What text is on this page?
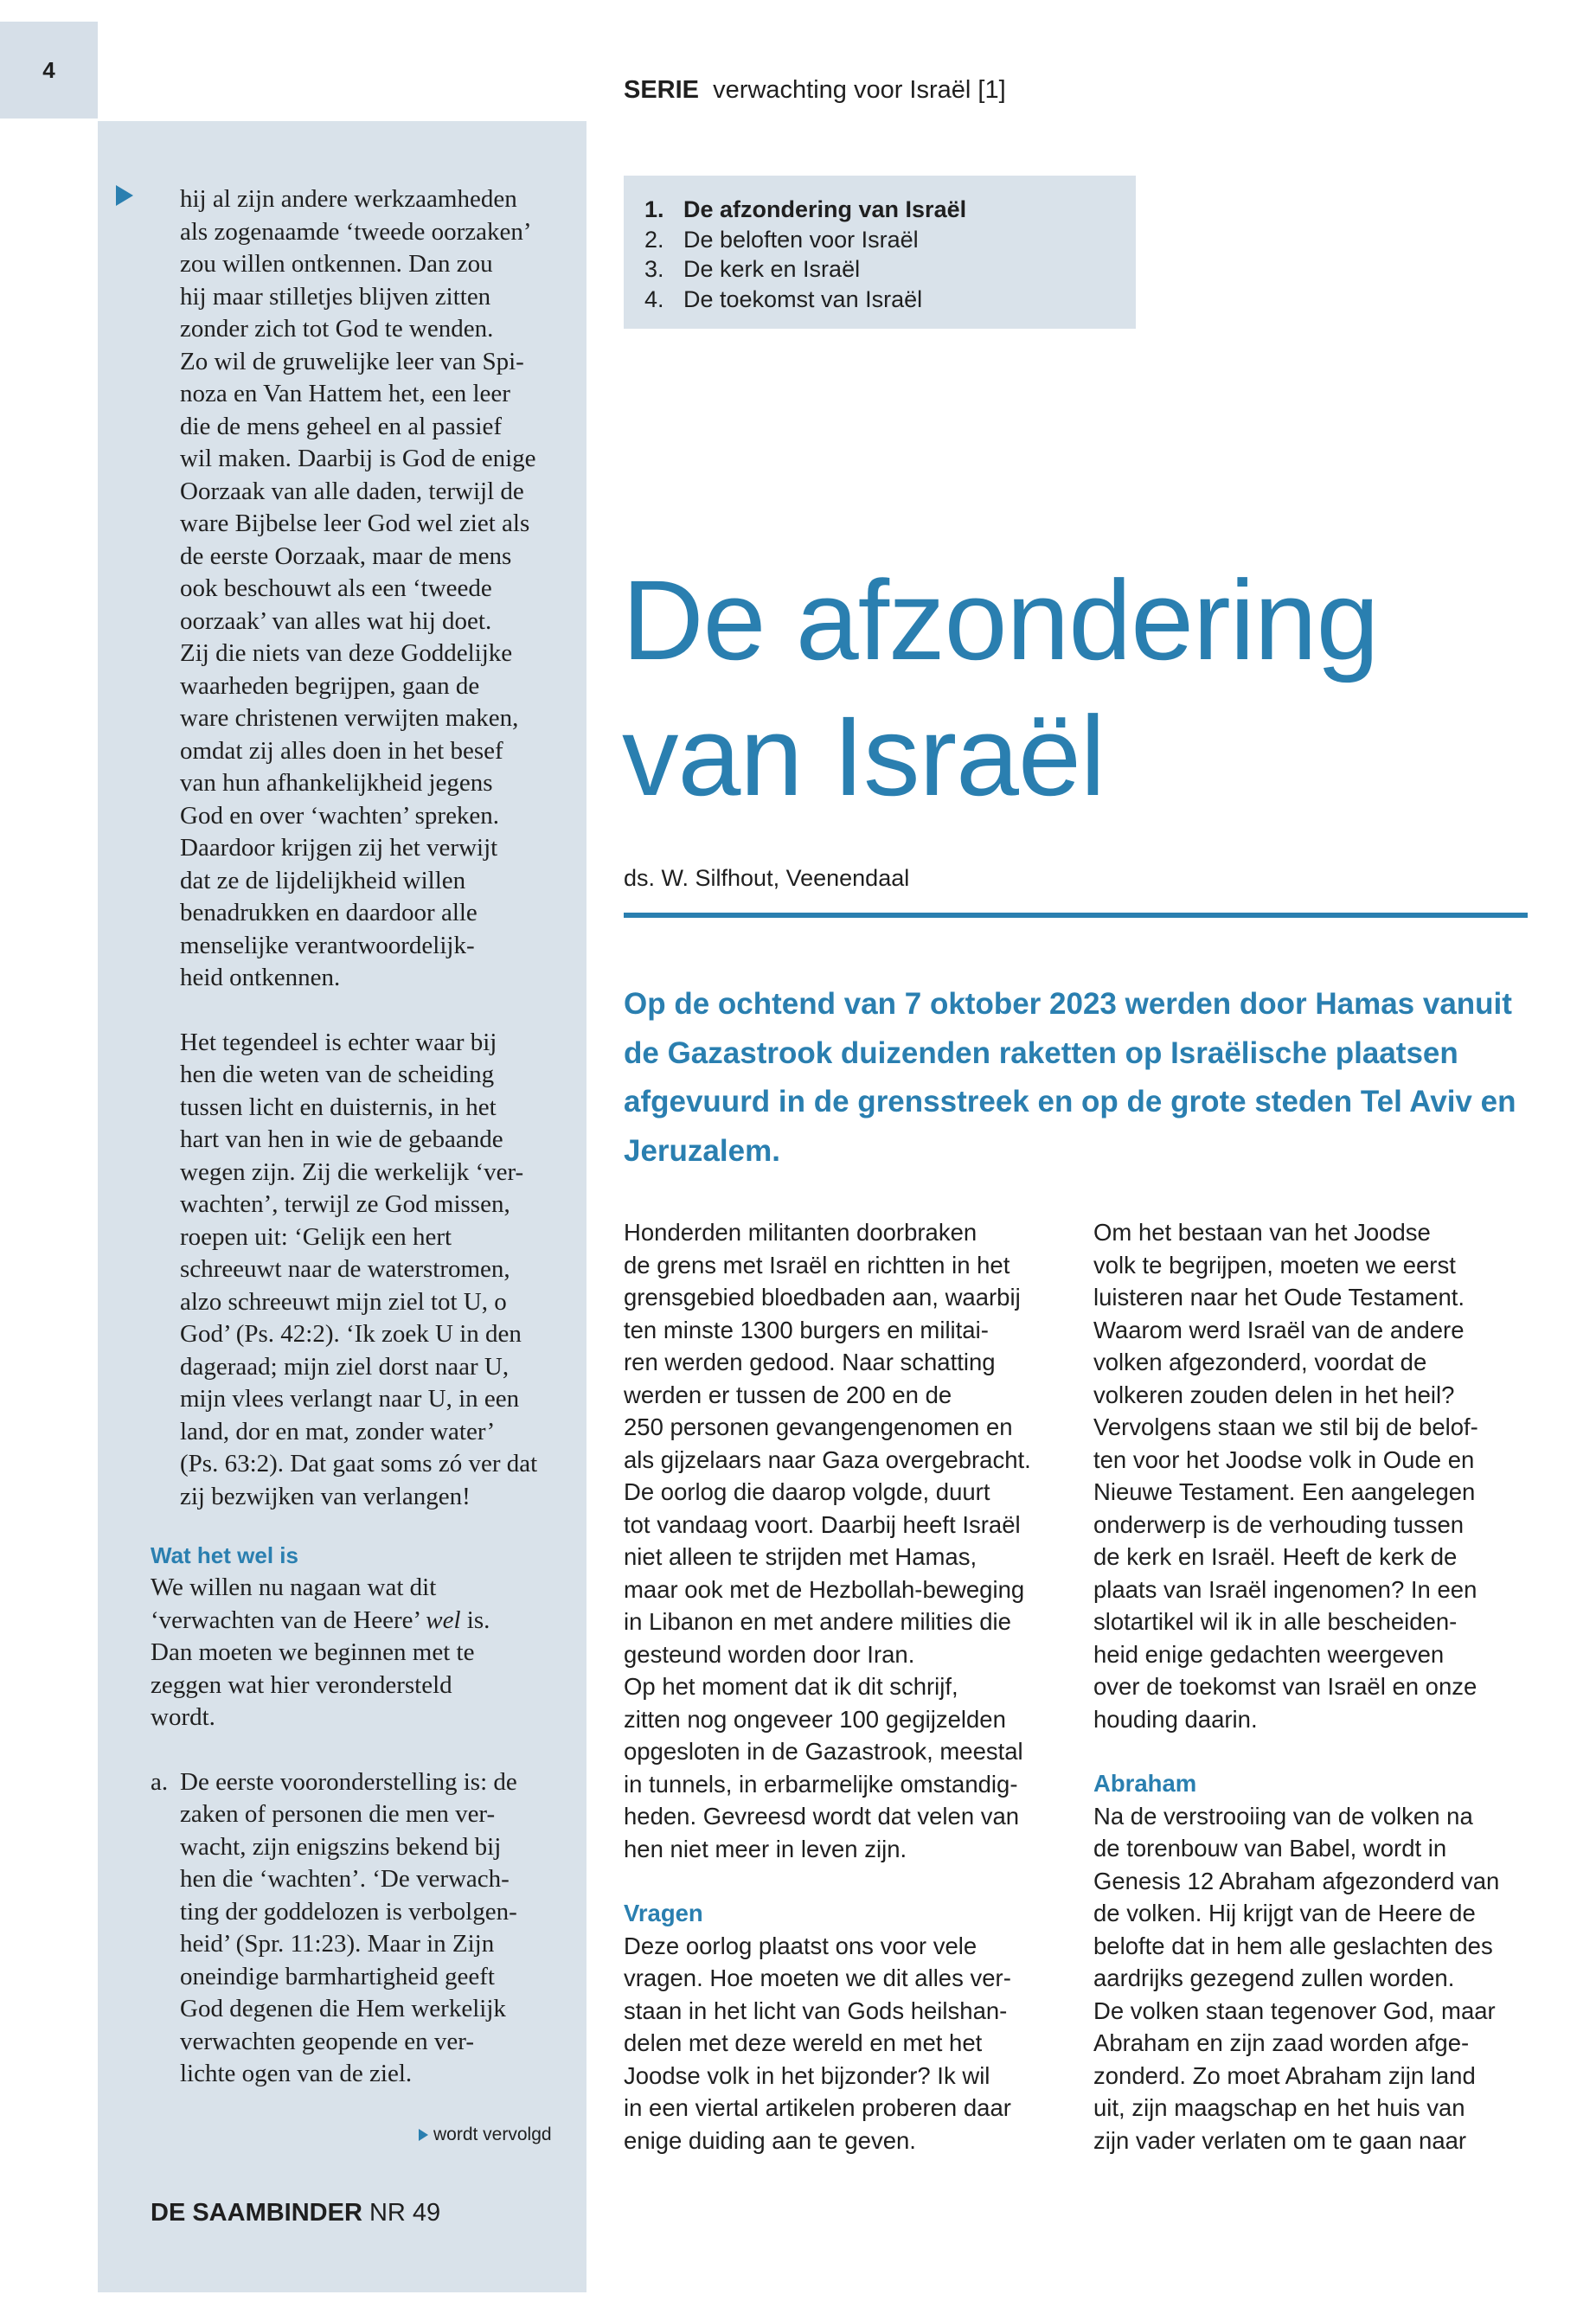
4

hij al zijn andere werkzaamheden
als zogenaamde ‘tweede oorzaken’
zou willen ontkennen. Dan zou
hij maar stilletjes blijven zitten
zonder zich tot God te wenden.
Zo wil de gruwelijke leer van Spi-
noza en Van Hattem het, een leer
die de mens geheel en al passief
wil maken. Daarbij is God de enige
Oorzaak van alle daden, terwijl de
ware Bijbelse leer God wel ziet als
de eerste Oorzaak, maar de mens
ook beschouwt als een ‘tweede
oorzaak’ van alles wat hij doet.
Zij die niets van deze Goddelijke
waarheden begrijpen, gaan de
ware christenen verwijten maken,
omdat zij alles doen in het besef
van hun afhankelijkheid jegens
God en over ‘wachten’ spreken.
Daardoor krijgen zij het verwijt
dat ze de lijdelijkheid willen
benadrukken en daardoor alle
menselijke verantwoordelijk-
heid ontkennen.

Het tegendeel is echter waar bij
hen die weten van de scheiding
tussen licht en duisternis, in het
hart van hen in wie de gebaande
wegen zijn. Zij die werkelijk ‘ver-
wachten’, terwijl ze God missen,
roepen uit: ‘Gelijk een hert
schreeuwt naar de waterstromen,
alzo schreeuwt mijn ziel tot U, o
God’ (Ps. 42:2). ‘Ik zoek U in den
dageraad; mijn ziel dorst naar U,
mijn vlees verlangt naar U, in een
land, dor en mat, zonder water’
(Ps. 63:2). Dat gaat soms zó ver dat
zij bezwijken van verlangen!

Wat het wel is

We willen nu nagaan wat dit
‘verwachten van de Heere’ wel is.
Dan moeten we beginnen met te
zeggen wat hier verondersteld
wordt.

a. De eerste vooronderstelling is: de
zaken of personen die men ver-
wacht, zijn enigszins bekend bij
hen die ‘wachten’. ‘De verwach-
ting der goddelozen is verbolgen-
heid’ (Spr. 11:23). Maar in Zijn
oneindige barmhartigheid geeft
God degenen die Hem werkelijk
verwachten geopende en ver-
lichte ogen van de ziel.
wordt vervolgd
DE SAAMBINDER NR 49
SERIE verwachting voor Israël [1]
1. De afzondering van Israël
2. De beloften voor Israël
3. De kerk en Israël
4. De toekomst van Israël
De afzondering
van Israël
ds. W. Silfhout, Veenendaal

Op de ochtend van 7 oktober 2023 werden door Hamas vanuit de Gazastrook duizenden raketten op Israëlische plaatsen afgevuurd in de grensstreek en op de grote steden Tel Aviv en Jeruzalem.

Honderden militanten doorbraken
de grens met Israël en richtten in het
grensgebied bloedbaden aan, waarbij
ten minste 1300 burgers en militai-
ren werden gedood. Naar schatting
werden er tussen de 200 en de
250 personen gevangengenomen en
als gijzelaars naar Gaza overgebracht.
De oorlog die daarop volgde, duurt
tot vandaag voort. Daarbij heeft Israël
niet alleen te strijden met Hamas,
maar ook met de Hezbollah-beweging
in Libanon en met andere milities die
gesteund worden door Iran.

Op het moment dat ik dit schrijf,
zitten nog ongeveer 100 gegijzelden
opgesloten in de Gazastrook, meestal
in tunnels, in erbarmelijke omstandig-
heden. Gevreesd wordt dat velen van
hen niet meer in leven zijn.

Vragen

Deze oorlog plaatst ons voor vele
vragen. Hoe moeten we dit alles ver-
staan in het licht van Gods heilshan-
delen met deze wereld en met het
Joodse volk in het bijzonder? Ik wil
in een viertal artikelen proberen daar
enige duiding aan te geven.

Om het bestaan van het Joodse
volk te begrijpen, moeten we eerst
luisteren naar het Oude Testament.
Waarom werd Israël van de andere
volken afgezonderd, voordat de
volkeren zouden delen in het heil?
Vervolgens staan we stil bij de belof-
ten voor het Joodse volk in Oude en
Nieuwe Testament. Een aangelegen
onderwerp is de verhouding tussen
de kerk en Israël. Heeft de kerk de
plaats van Israël ingenomen? In een
slotartikel wil ik in alle bescheiden-
heid enige gedachten weergeven
over de toekomst van Israël en onze
houding daarin.

Abraham

Na de verstrooiing van de volken na
de torenbouw van Babel, wordt in
Genesis 12 Abraham afgezonderd van
de volken. Hij krijgt van de Heere de
belofte dat in hem alle geslachten des
aardrijks gezegend zullen worden.

De volken staan tegenover God, maar
Abraham en zijn zaad worden afge-
zonderd. Zo moet Abraham zijn land
uit, zijn maagschap en het huis van
zijn vader verlaten om te gaan naar
